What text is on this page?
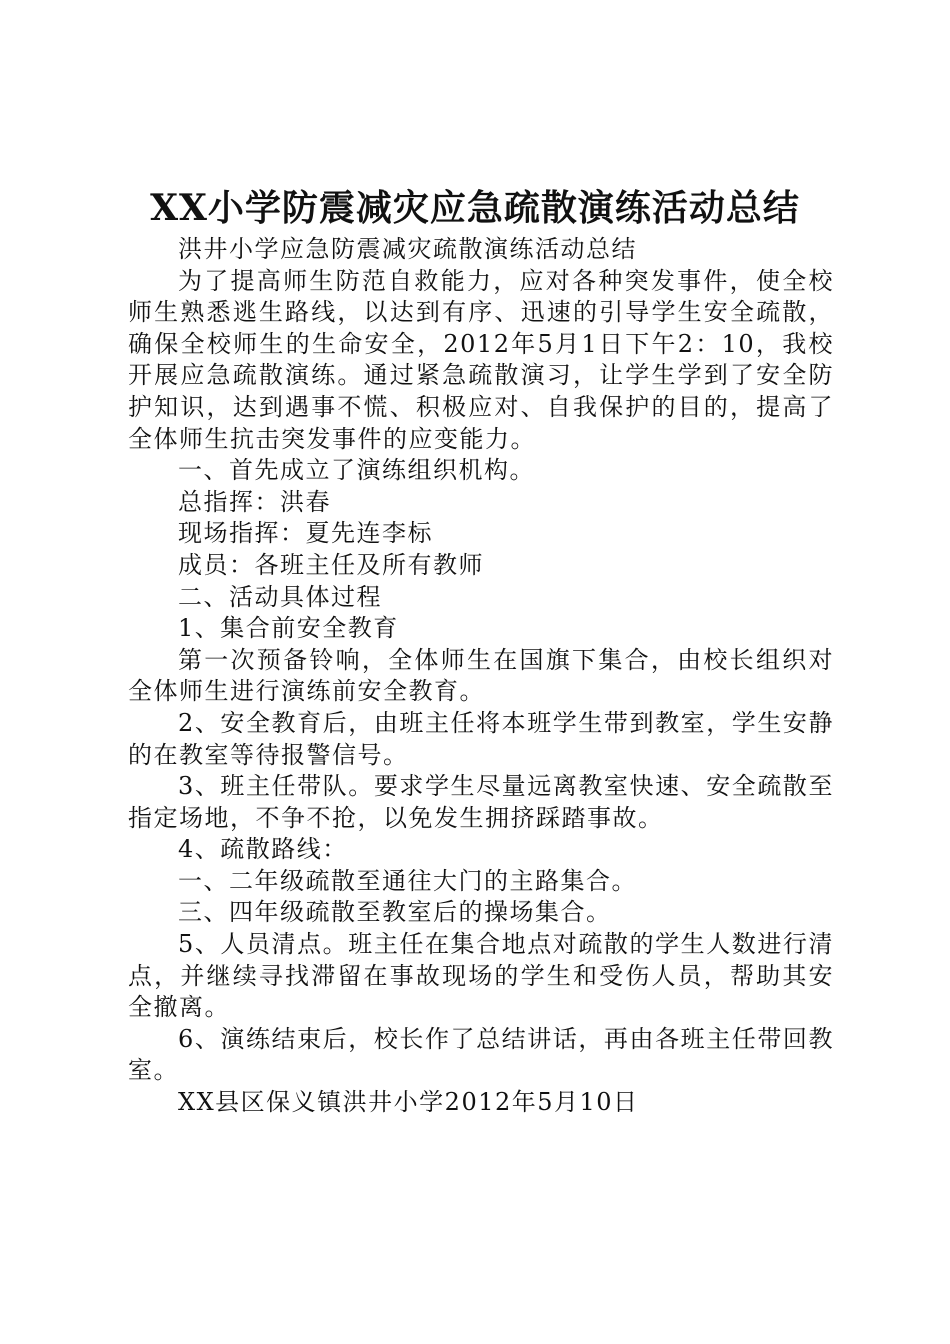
XX小学防震减灾应急疏散演练活动总结

洪井小学应急防震减灾疏散演练活动总结

为了提高师生防范自救能力，应对各种突发事件，使全校师生熟悉逃生路线，以达到有序、迅速的引导学生安全疏散，确保全校师生的生命安全，2012年5月1日下午2：10，我校开展应急疏散演练。通过紧急疏散演习，让学生学到了安全防护知识，达到遇事不慌、积极应对、自我保护的目的，提高了全体师生抗击突发事件的应变能力。

一、首先成立了演练组织机构。

总指挥：洪春

现场指挥：夏先连李标

成员：各班主任及所有教师

二、活动具体过程

1、集合前安全教育

第一次预备铃响，全体师生在国旗下集合，由校长组织对全体师生进行演练前安全教育。

2、安全教育后，由班主任将本班学生带到教室，学生安静的在教室等待报警信号。

3、班主任带队。要求学生尽量远离教室快速、安全疏散至指定场地，不争不抢，以免发生拥挤踩踏事故。

4、疏散路线：

一、二年级疏散至通往大门的主路集合。

三、四年级疏散至教室后的操场集合。

5、人员清点。班主任在集合地点对疏散的学生人数进行清点，并继续寻找滞留在事故现场的学生和受伤人员，帮助其安全撤离。

6、演练结束后，校长作了总结讲话，再由各班主任带回教室。

XX县区保义镇洪井小学2012年5月10日
